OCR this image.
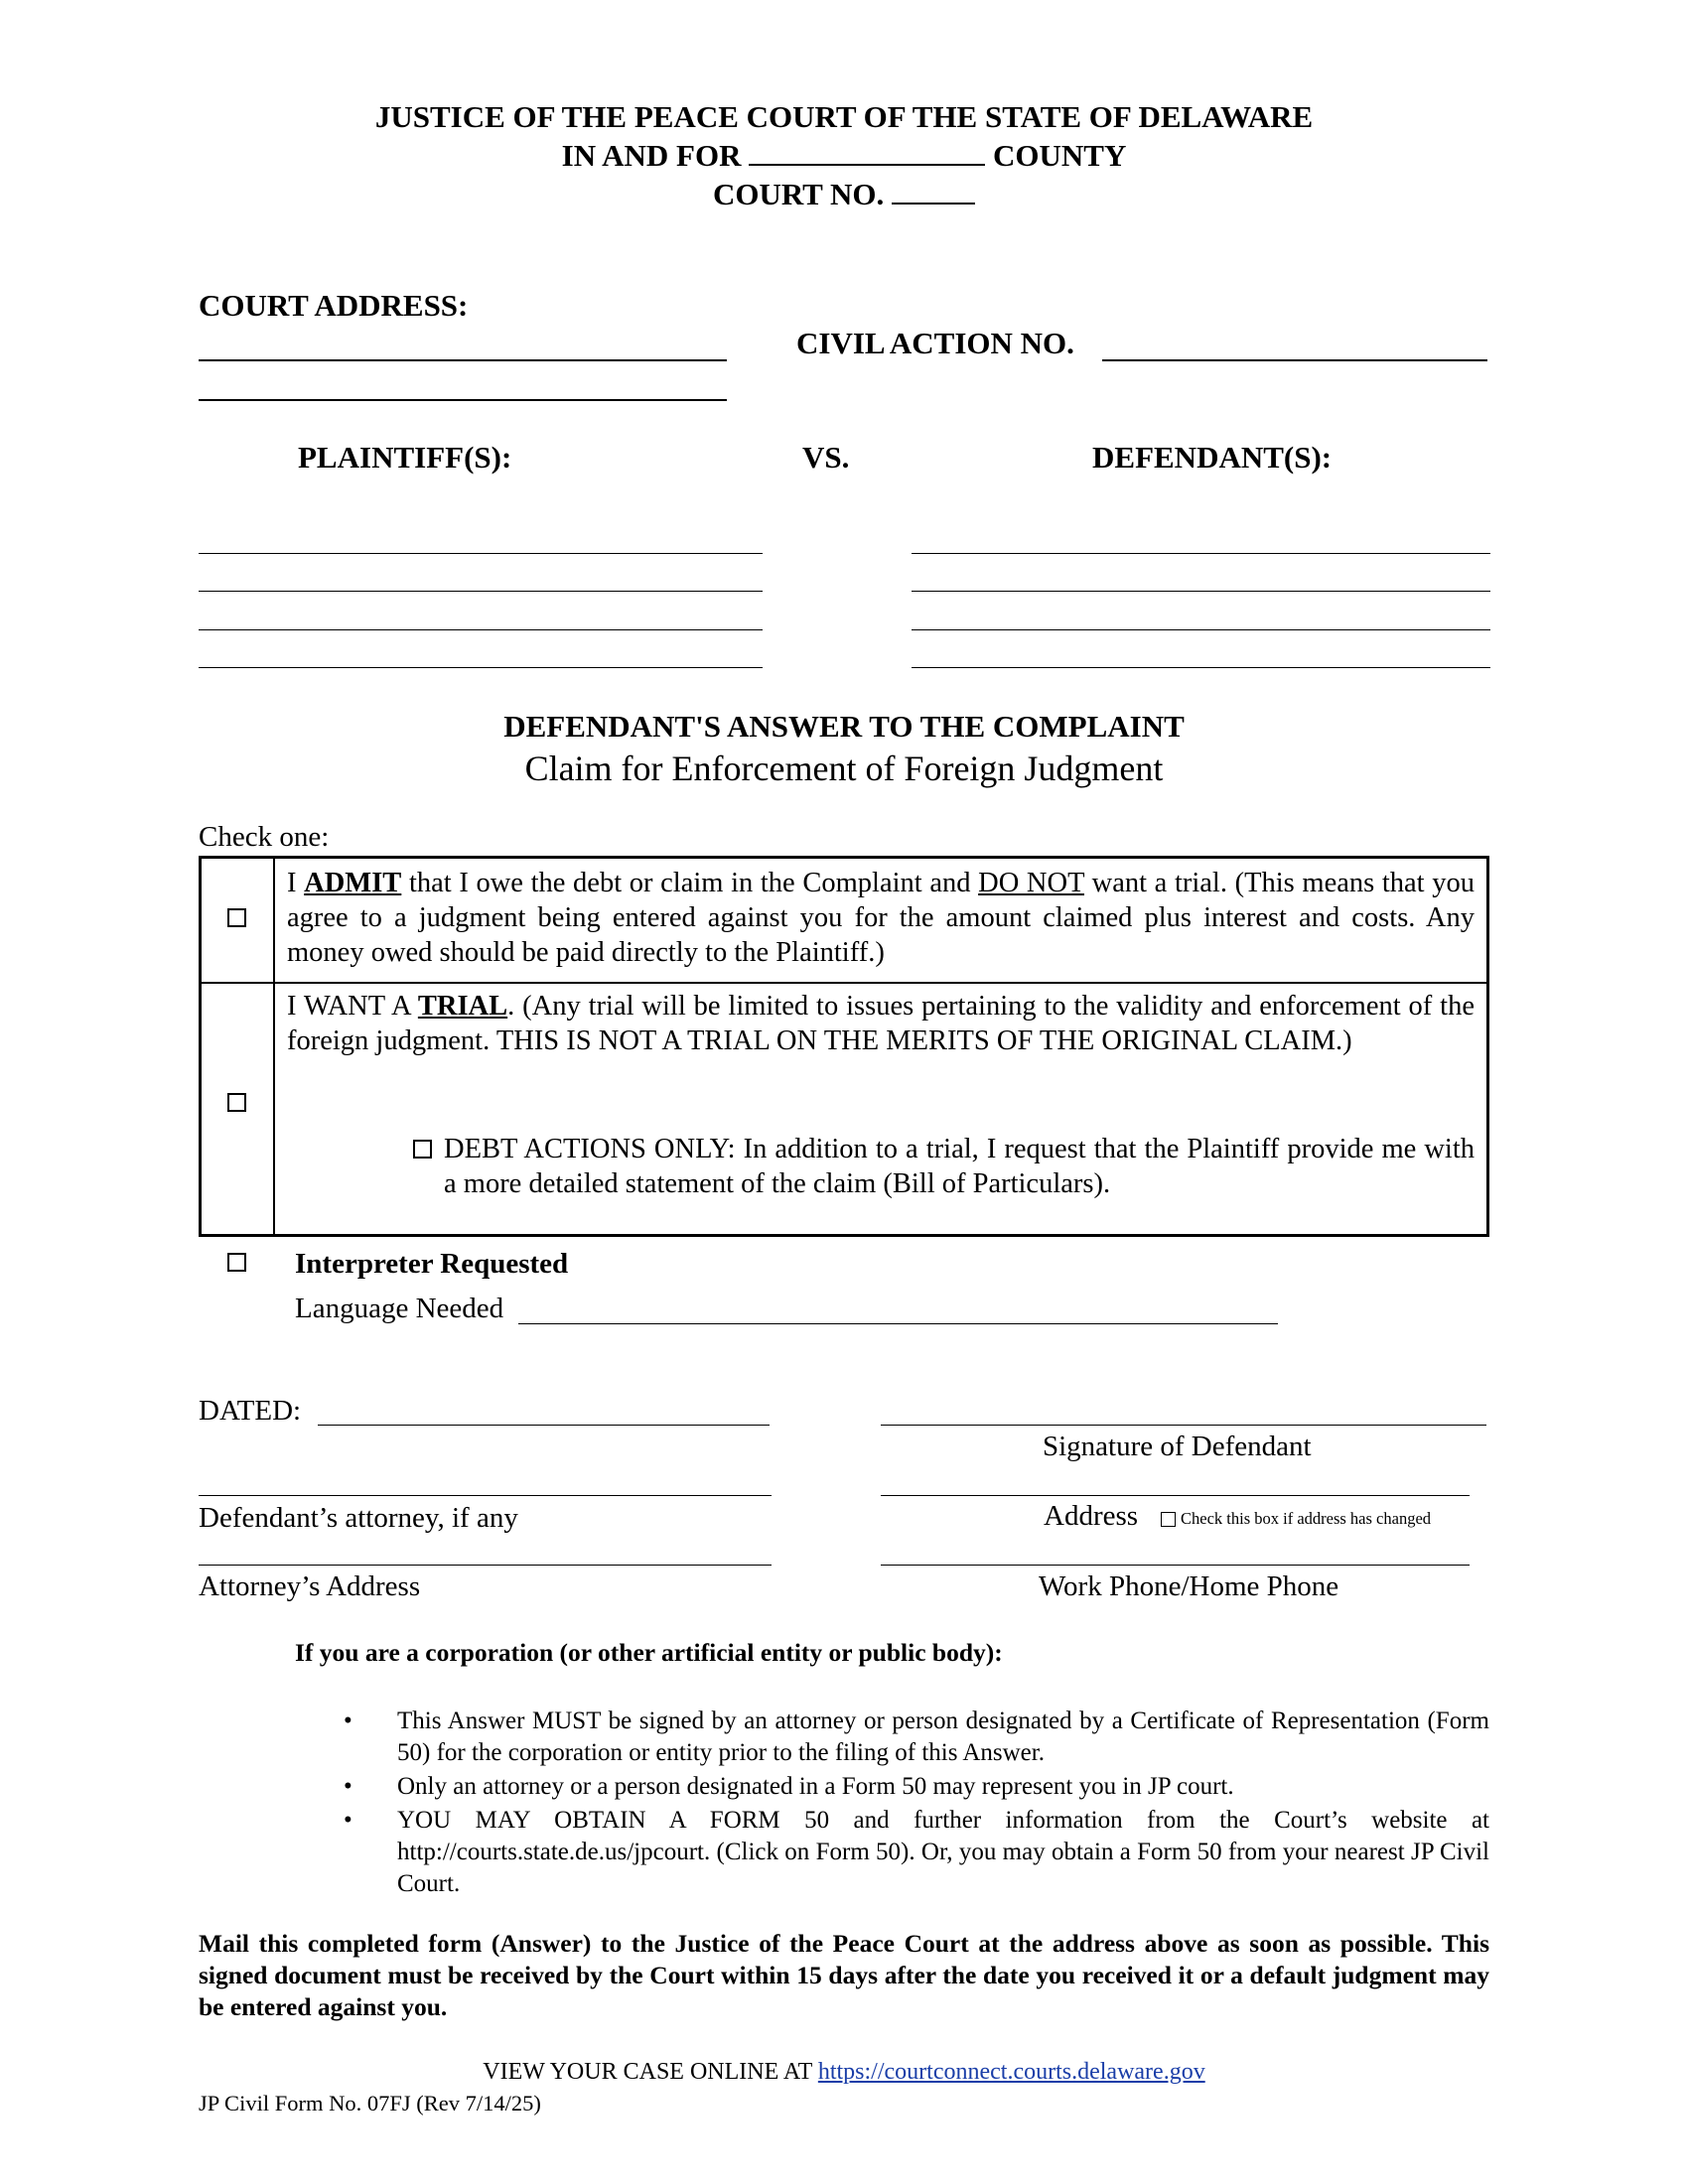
JUSTICE OF THE PEACE COURT OF THE STATE OF DELAWARE
IN AND FOR	COUNTY
COURT NO.
COURT ADDRESS:
CIVIL ACTION NO.
PLAINTIFF(S):	VS.	DEFENDANT(S):
DEFENDANT'S ANSWER TO THE COMPLAINT
Claim for Enforcement of Foreign Judgment
Check one:
I ADMIT that I owe the debt or claim in the Complaint and DO NOT want a trial. (This means that you agree to a judgment being entered against you for the amount claimed plus interest and costs. Any money owed should be paid directly to the Plaintiff.)
I WANT A TRIAL. (Any trial will be limited to issues pertaining to the validity and enforcement of the foreign judgment. THIS IS NOT A TRIAL ON THE MERITS OF THE ORIGINAL CLAIM.)
DEBT ACTIONS ONLY: In addition to a trial, I request that the Plaintiff provide me with a more detailed statement of the claim (Bill of Particulars).
Interpreter Requested
Language Needed
DATED:
Signature of Defendant
Defendant’s attorney, if any	Address	Check this box if address has changed
Attorney’s Address	Work Phone/Home Phone
If you are a corporation (or other artificial entity or public body):
• This Answer MUST be signed by an attorney or person designated by a Certificate of Representation (Form 50) for the corporation or entity prior to the filing of this Answer.
• Only an attorney or a person designated in a Form 50 may represent you in JP court.
• YOU MAY OBTAIN A FORM 50 and further information from the Court’s website at http://courts.state.de.us/jpcourt. (Click on Form 50). Or, you may obtain a Form 50 from your nearest JP Civil Court.
Mail this completed form (Answer) to the Justice of the Peace Court at the address above as soon as possible. This signed document must be received by the Court within 15 days after the date you received it or a default judgment may be entered against you.
VIEW YOUR CASE ONLINE AT https://courtconnect.courts.delaware.gov
JP Civil Form No. 07FJ (Rev 7/14/25)
